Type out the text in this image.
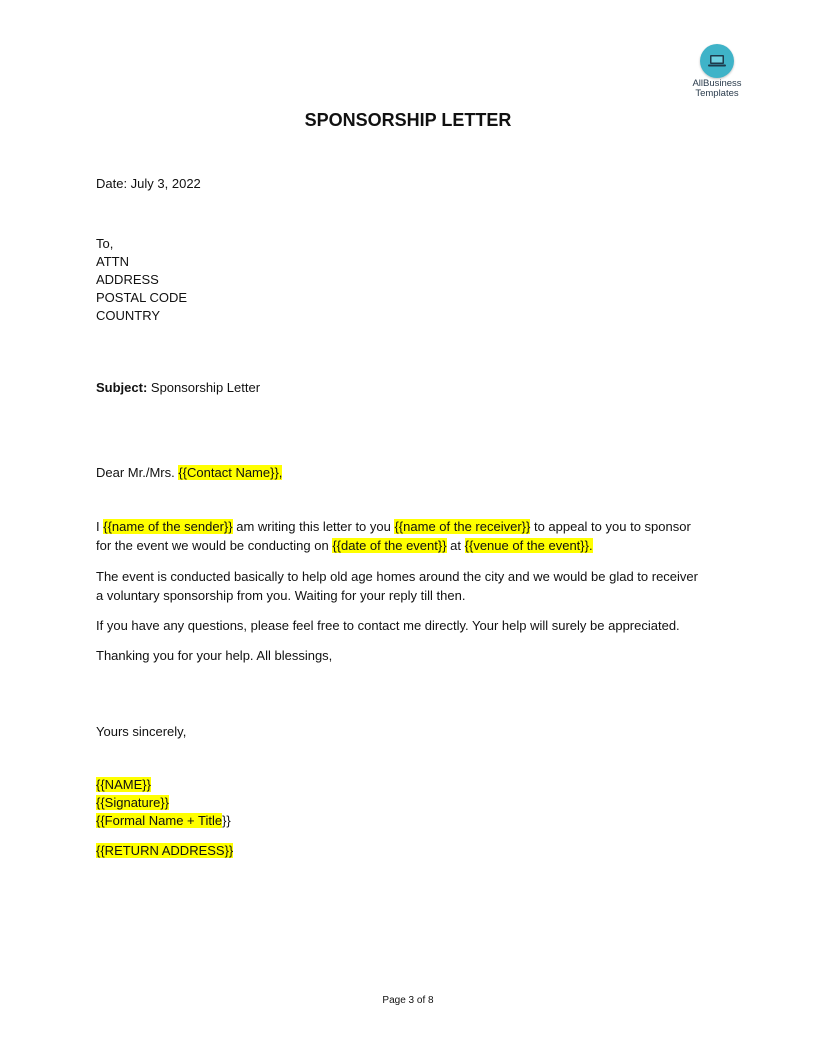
AllBusiness
Templates
SPONSORSHIP LETTER
Date: July 3, 2022
To,
ATTN
ADDRESS
POSTAL CODE
COUNTRY
Subject: Sponsorship Letter
Dear Mr./Mrs. {{Contact Name}},
I {{name of the sender}} am writing this letter to you {{name of the receiver}} to appeal to you to sponsor
for the event we would be conducting on {{date of the event}} at {{venue of the event}}.
The event is conducted basically to help old age homes around the city and we would be glad to receiver
a voluntary sponsorship from you. Waiting for your reply till then.
If you have any questions, please feel free to contact me directly. Your help will surely be appreciated.
Thanking you for your help. All blessings,
Yours sincerely,
{{NAME}}
{{Signature}}
{{Formal Name + Title}}
{{RETURN ADDRESS}}
Page 3 of 8
